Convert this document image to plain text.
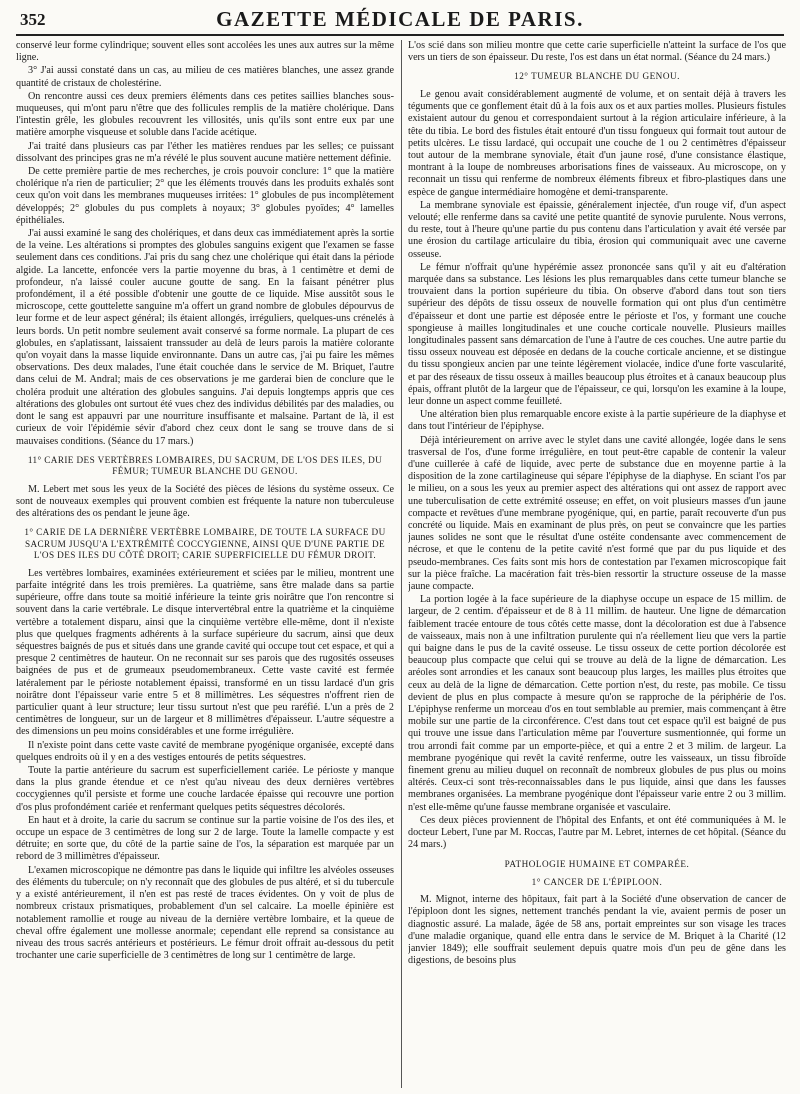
352	GAZETTE MÉDICALE DE PARIS.

conservé leur forme cylindrique; souvent elles sont accolées les unes aux autres sur la même ligne.

3° J'ai aussi constaté dans un cas, au milieu de ces matières blanches, une assez grande quantité de cristaux de cholestérine.

On rencontre aussi ces deux premiers éléments dans ces petites saillies blanches sous-muqueuses, qui m'ont paru n'être que des follicules remplis de la matière cholérique. Dans l'intestin grêle, les globules recouvrent les villosités, unis qu'ils sont entre eux par une matière amorphe visqueuse et soluble dans l'acide acétique.

J'ai traité dans plusieurs cas par l'éther les matières rendues par les selles; ce puissant dissolvant des principes gras ne m'a révélé le plus souvent aucune matière nettement définie.

De cette première partie de mes recherches, je crois pouvoir conclure: 1° que la matière cholérique n'a rien de particulier; 2° que les éléments trouvés dans les produits exhalés sont ceux qu'on voit dans les membranes muqueuses irritées: 1° globules de pus incomplètement développés; 2° globules du pus complets à noyaux; 3° globules pyoïdes; 4° lamelles épithéliales.

J'ai aussi examiné le sang des cholériques, et dans deux cas immédiatement après la sortie de la veine. Les altérations si promptes des globules sanguins exigent que l'examen se fasse seulement dans ces conditions. J'ai pris du sang chez une cholérique qui était dans la période algide. La lancette, enfoncée vers la partie moyenne du bras, à 1 centimètre et demi de profondeur, n'a laissé couler aucune goutte de sang. En la faisant pénétrer plus profondément, il a été possible d'obtenir une goutte de ce liquide. Mise aussitôt sous le microscope, cette gouttelette sanguine m'a offert un grand nombre de globules dépourvus de leur forme et de leur aspect général; ils étaient allongés, irréguliers, quelques-uns crénelés à leurs bords. Un petit nombre seulement avait conservé sa forme normale. La plupart de ces globules, en s'aplatissant, laissaient transsuder au delà de leurs parois la matière colorante qu'on voyait dans la masse liquide environnante. Dans un autre cas, j'ai pu faire les mêmes observations. Des deux malades, l'une était couchée dans le service de M. Briquet, l'autre dans celui de M. Andral; mais de ces observations je me garderai bien de conclure que le choléra produit une altération des globules sanguins. J'ai depuis longtemps appris que ces altérations des globules ont surtout été vues chez des individus débilités par des maladies, ou dont le sang est appauvri par une nourriture insuffisante et malsaine. Partant de là, il est curieux de voir l'épidémie sévir d'abord chez ceux dont le sang se trouve dans de si mauvaises conditions. (Séance du 17 mars.)

11° CARIE DES VERTÈBRES LOMBAIRES, DU SACRUM, DE L'OS DES ILES, DU FÉMUR; TUMEUR BLANCHE DU GENOU.

M. Lebert met sous les yeux de la Société des pièces de lésions du système osseux. Ce sont de nouveaux exemples qui prouvent combien est fréquente la nature non tuberculeuse des altérations des os pendant le jeune âge.

1° CARIE DE LA DERNIÈRE VERTÈBRE LOMBAIRE, DE TOUTE LA SURFACE DU SACRUM JUSQU'A L'EXTRÉMITÉ COCCYGIENNE, AINSI QUE D'UNE PARTIE DE L'OS DES ILES DU CÔTÉ DROIT; CARIE SUPERFICIELLE DU FÉMUR DROIT.

Les vertèbres lombaires, examinées extérieurement et sciées par le milieu, montrent une parfaite intégrité dans les trois premières. La quatrième, sans être malade dans sa partie supérieure, offre dans toute sa moitié inférieure la teinte gris noirâtre que l'on rencontre si souvent dans la carie vertébrale. Le disque intervertébral entre la quatrième et la cinquième vertèbre a totalement disparu, ainsi que la cinquième vertèbre elle-même, dont il n'existe plus que quelques fragments adhérents à la surface supérieure du sacrum, ainsi que deux séquestres baignés de pus et situés dans une grande cavité qui occupe tout cet espace, et qui a presque 2 centimètres de hauteur. On ne reconnait sur ses parois que des rugosités osseuses baignées de pus et de grumeaux pseudomembraneux. Cette vaste cavité est fermée latéralement par le périoste notablement épaissi, transformé en un tissu lardacé d'un gris noirâtre dont l'épaisseur varie entre 5 et 8 millimètres. Les séquestres n'offrent rien de particulier quant à leur structure; leur tissu surtout n'est que peu raréfié. L'un a près de 2 centimètres de longueur, sur un de largeur et 8 millimètres d'épaisseur. L'autre séquestre a des dimensions un peu moins considérables et une forme irrégulière.

Il n'existe point dans cette vaste cavité de membrane pyogénique organisée, excepté dans quelques endroits où il y en a des vestiges entourés de petits séquestres.

Toute la partie antérieure du sacrum est superficiellement cariée. Le périoste y manque dans la plus grande étendue et ce n'est qu'au niveau des deux dernières vertèbres coccygiennes qu'il persiste et forme une couche lardacée épaisse qui recouvre une portion d'os plus profondément cariée et renfermant quelques petits séquestres décolorés.

En haut et à droite, la carie du sacrum se continue sur la partie voisine de l'os des iles, et occupe un espace de 3 centimètres de long sur 2 de large. Toute la lamelle compacte y est détruite; en sorte que, du côté de la partie saine de l'os, la séparation est marquée par un rebord de 3 millimètres d'épaisseur.

L'examen microscopique ne démontre pas dans le liquide qui infiltre les alvéoles osseuses des éléments du tubercule; on n'y reconnaît que des globules de pus altéré, et si du tubercule y a existé antérieurement, il n'en est pas resté de traces évidentes. On y voit de plus de nombreux cristaux prismatiques, probablement d'un sel calcaire. La moelle épinière est notablement ramollie et rouge au niveau de la dernière vertèbre lombaire, et la queue de cheval offre également une mollesse anormale; cependant elle reprend sa consistance au niveau des trous sacrés antérieurs et postérieurs. Le fémur droit offrait au-dessous du petit trochanter une carie superficielle de 3 centimètres de long sur 1 centimètre de large.

L'os scié dans son milieu montre que cette carie superficielle n'atteint la surface de l'os que vers un tiers de son épaisseur. Du reste, l'os est dans un état normal. (Séance du 24 mars.)

12° TUMEUR BLANCHE DU GENOU.

Le genou avait considérablement augmenté de volume, et on sentait déjà à travers les téguments que ce gonflement était dû à la fois aux os et aux parties molles. Plusieurs fistules existaient autour du genou et correspondaient surtout à la région articulaire inférieure, à la tête du tibia. Le bord des fistules était entouré d'un tissu fongueux qui formait tout autour de petits ulcères. Le tissu lardacé, qui occupait une couche de 1 ou 2 centimètres d'épaisseur tout autour de la membrane synoviale, était d'un jaune rosé, d'une consistance élastique, montrant à la loupe de nombreuses arborisations fines de vaisseaux. Au microscope, on y reconnait un tissu qui renferme de nombreux éléments fibreux et fibro-plastiques dans une espèce de gangue intermédiaire homogène et demi-transparente.

La membrane synoviale est épaissie, généralement injectée, d'un rouge vif, d'un aspect velouté; elle renferme dans sa cavité une petite quantité de synovie purulente. Nous verrons, du reste, tout à l'heure qu'une partie du pus contenu dans l'articulation y avait été versée par une érosion du cartilage articulaire du tibia, érosion qui communiquait avec une caverne osseuse.

Le fémur n'offrait qu'une hypérémie assez prononcée sans qu'il y ait eu d'altération marquée dans sa substance. Les lésions les plus remarquables dans cette tumeur blanche se trouvaient dans la portion supérieure du tibia. On observe d'abord dans tout son tiers supérieur des dépôts de tissu osseux de nouvelle formation qui ont plus d'un centimètre d'épaisseur et dont une partie est déposée entre le périoste et l'os, y formant une couche spongieuse à mailles longitudinales et une couche corticale nouvelle. Plusieurs mailles longitudinales passent sans démarcation de l'une à l'autre de ces couches. Une autre partie du tissu osseux nouveau est déposée en dedans de la couche corticale ancienne, et se distingue du tissu spongieux ancien par une teinte légèrement violacée, indice d'une forte vascularité, et par des réseaux de tissu osseux à mailles beaucoup plus étroites et à canaux beaucoup plus épais, offrant plutôt de la largeur que de l'épaisseur, ce qui, lorsqu'on les examine à la loupe, leur donne un aspect comme feuilleté.

Une altération bien plus remarquable encore existe à la partie supérieure de la diaphyse et dans tout l'intérieur de l'épiphyse.

Déjà intérieurement on arrive avec le stylet dans une cavité allongée, logée dans le sens trasversal de l'os, d'une forme irrégulière, en tout peut-être capable de contenir la valeur d'une cuillerée à café de liquide, avec perte de substance due en moyenne partie à la disposition de la zone cartilagineuse qui sépare l'épiphyse de la diaphyse. En sciant l'os par le milieu, on a sous les yeux au premier aspect des altérations qui ont assez de rapport avec une tuberculisation de cette extrémité osseuse; en effet, on voit plusieurs masses d'un jaune compacte et revêtues d'une membrane pyogénique, qui, en partie, paraît recouverte d'un pus concrété ou liquide. Mais en examinant de plus près, on peut se convaincre que les parties jaunes solides ne sont que le résultat d'une ostéite condensante avec commencement de nécrose, et que le contenu de la petite cavité n'est formé que par du pus liquide et des pseudo-membranes. Ces faits sont mis hors de contestation par l'examen microscopique fait sur la pièce fraîche. La macération fait très-bien ressortir la structure osseuse de la masse jaune compacte.

La portion logée à la face supérieure de la diaphyse occupe un espace de 15 millim. de largeur, de 2 centim. d'épaisseur et de 8 à 11 millim. de hauteur. Une ligne de démarcation faiblement tracée entoure de tous côtés cette masse, dont la décoloration est due à l'absence de vaisseaux, mais non à une infiltration purulente qui n'a réellement lieu que vers la partie qui baigne dans le pus de la cavité osseuse. Le tissu osseux de cette portion décolorée est beaucoup plus compacte que celui qui se trouve au delà de la ligne de démarcation. Les aréoles sont arrondies et les canaux sont beaucoup plus larges, les mailles plus étroites que ceux au delà de la ligne de démarcation. Cette portion n'est, du reste, pas mobile. Ce tissu devient de plus en plus compacte à mesure qu'on se rapproche de la périphérie de l'os. L'épiphyse renferme un morceau d'os en tout semblable au premier, mais commençant à être mobile sur une partie de la circonférence. C'est dans tout cet espace qu'il est baigné de pus qui trouve une issue dans l'articulation même par l'ouverture susmentionnée, qui forme un trou arrondi fait comme par un emporte-pièce, et qui a entre 2 et 3 milim. de largeur. La membrane pyogénique qui revêt la cavité renferme, outre les vaisseaux, un tissu fibroïde finement grenu au milieu duquel on reconnaît de nombreux globules de pus plus ou moins altérés. Ceux-ci sont très-reconnaissables dans le pus liquide, ainsi que dans les fausses membranes organisées. La membrane pyogénique dont l'épaisseur varie entre 2 ou 3 millim. n'est elle-même qu'une fausse membrane organisée et vasculaire.

Ces deux pièces proviennent de l'hôpital des Enfants, et ont été communiquées à M. le docteur Lebert, l'une par M. Roccas, l'autre par M. Lebret, internes de cet hôpital. (Séance du 24 mars.)

PATHOLOGIE HUMAINE ET COMPARÉE.
1° CANCER DE L'ÉPIPLOON.

M. Mignot, interne des hôpitaux, fait part à la Société d'une observation de cancer de l'épiploon dont les signes, nettement tranchés pendant la vie, avaient permis de poser un diagnostic assuré. La malade, âgée de 58 ans, portait empreintes sur son visage les traces d'une maladie organique, quand elle entra dans le service de M. Briquet à la Charité (12 janvier 1849); elle souffrait seulement depuis quatre mois d'un peu de gêne dans les digestions, de besoins plus
